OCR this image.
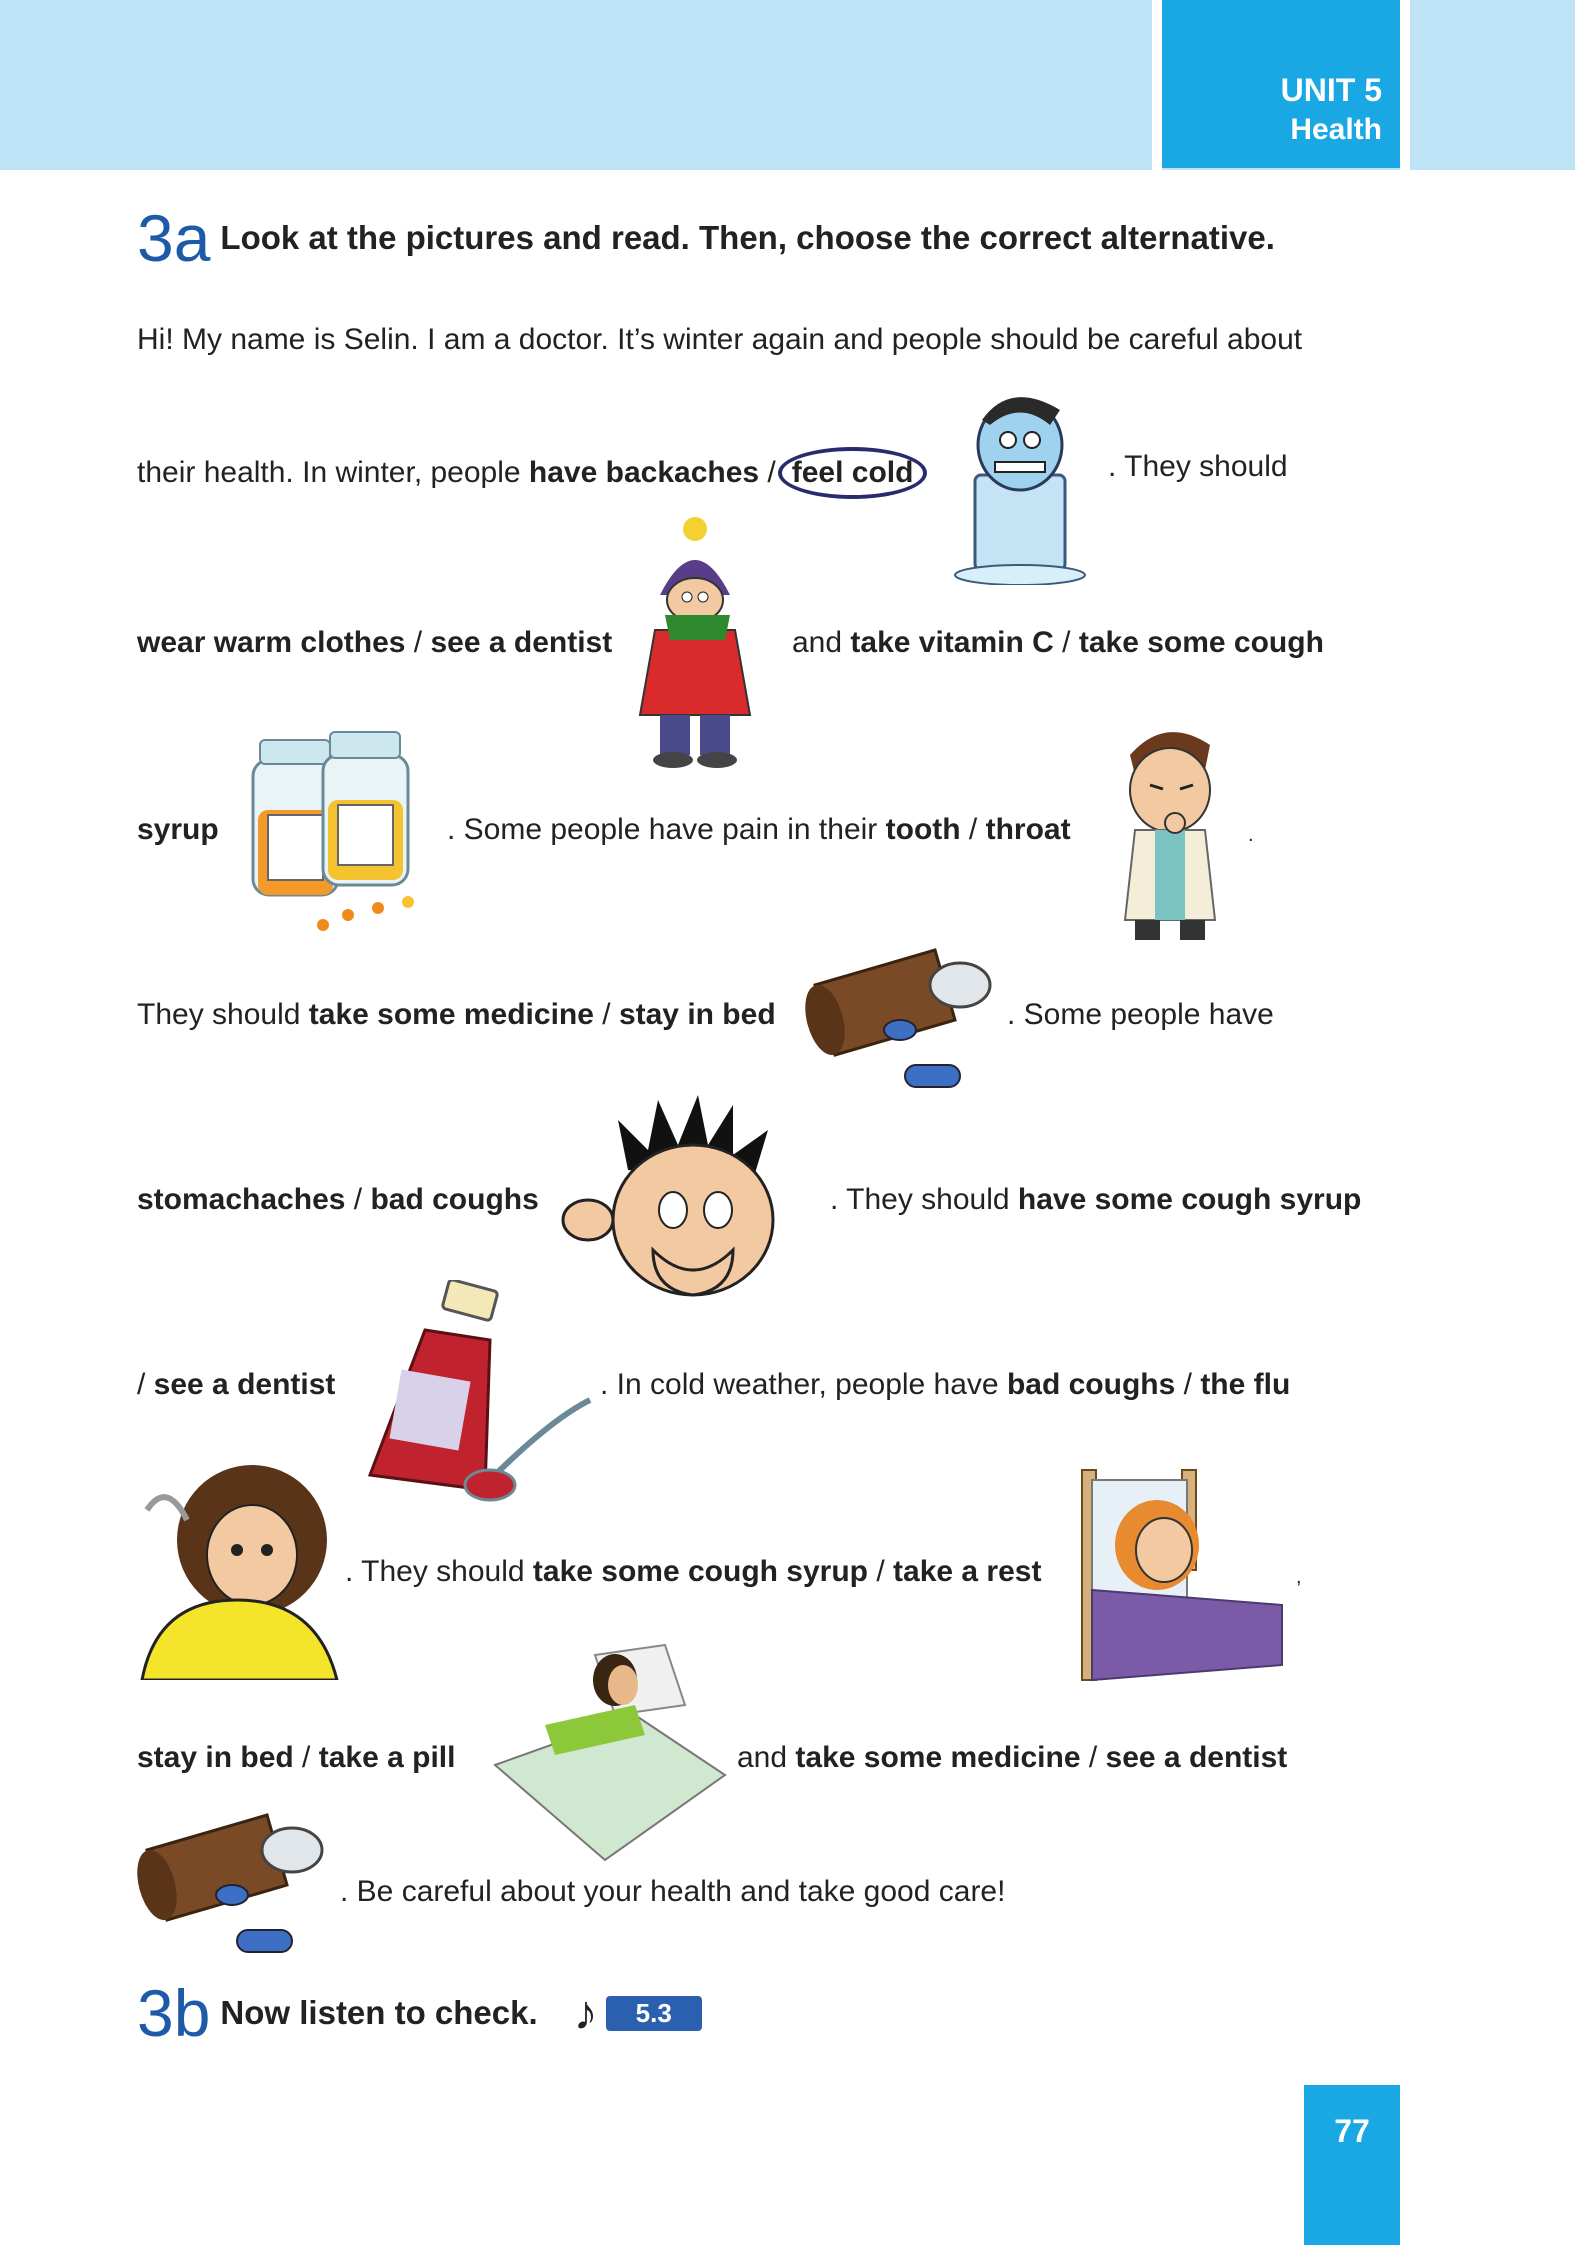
UNIT 5
Health
3a Look at the pictures and read. Then, choose the correct alternative.
Hi! My name is Selin. I am a doctor. It’s winter again and people should be careful about
their health. In winter, people have backaches / feel cold	. They should
wear warm clothes / see a dentist	and take vitamin C / take some cough
syrup	. Some people have pain in their tooth / throat	.
They should take some medicine / stay in bed	. Some people have
stomachaches / bad coughs	. They should have some cough syrup
/ see a dentist	. In cold weather, people have bad coughs / the flu
. They should take some cough syrup / take a rest	,
stay in bed / take a pill	and take some medicine / see a dentist
. Be careful about your health and take good care!
3b Now listen to check. ♪ 5.3
77
